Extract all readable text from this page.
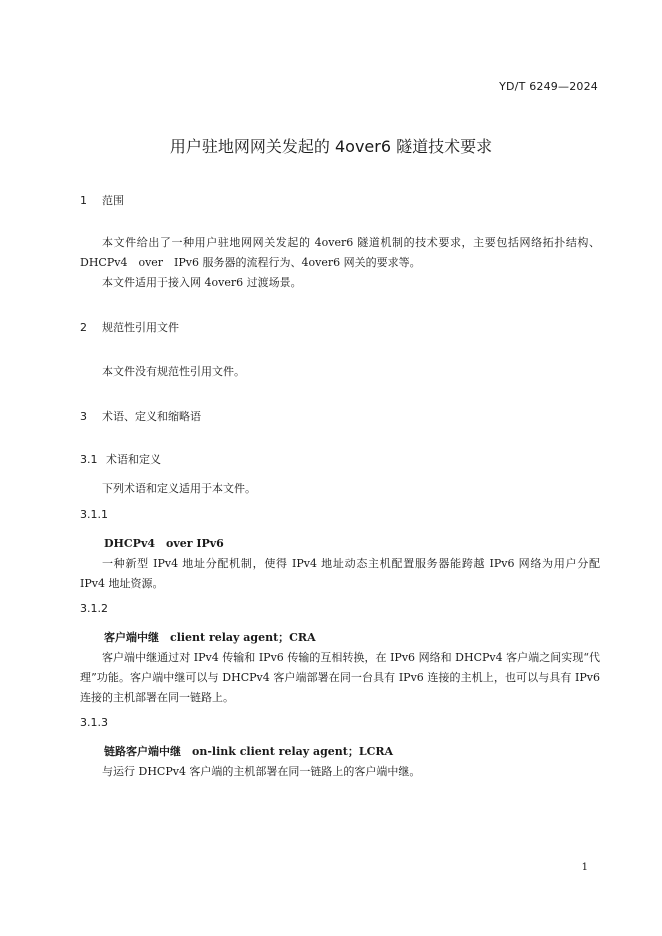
YD/T 6249—2024
用户驻地网网关发起的 4over6 隧道技术要求
1 范围
本文件给出了一种用户驻地网网关发起的 4over6 隧道机制的技术要求，主要包括网络拓扑结构、DHCPv4　over　IPv6 服务器的流程行为、4over6 网关的要求等。
本文件适用于接入网 4over6 过渡场景。
2 规范性引用文件
本文件没有规范性引用文件。
3 术语、定义和缩略语
3.1 术语和定义
下列术语和定义适用于本文件。
3.1.1
DHCPv4　over IPv6
一种新型 IPv4 地址分配机制，使得 IPv4 地址动态主机配置服务器能跨越 IPv6 网络为用户分配 IPv4 地址资源。
3.1.2
客户端中继  client relay agent；CRA
客户端中继通过对 IPv4 传输和 IPv6 传输的互相转换，在 IPv6 网络和 DHCPv4 客户端之间实现“代理”功能。客户端中继可以与 DHCPv4 客户端部署在同一台具有 IPv6 连接的主机上，也可以与具有 IPv6 连接的主机部署在同一链路上。
3.1.3
链路客户端中继  on-link client relay agent；LCRA
与运行 DHCPv4 客户端的主机部署在同一链路上的客户端中继。
1
